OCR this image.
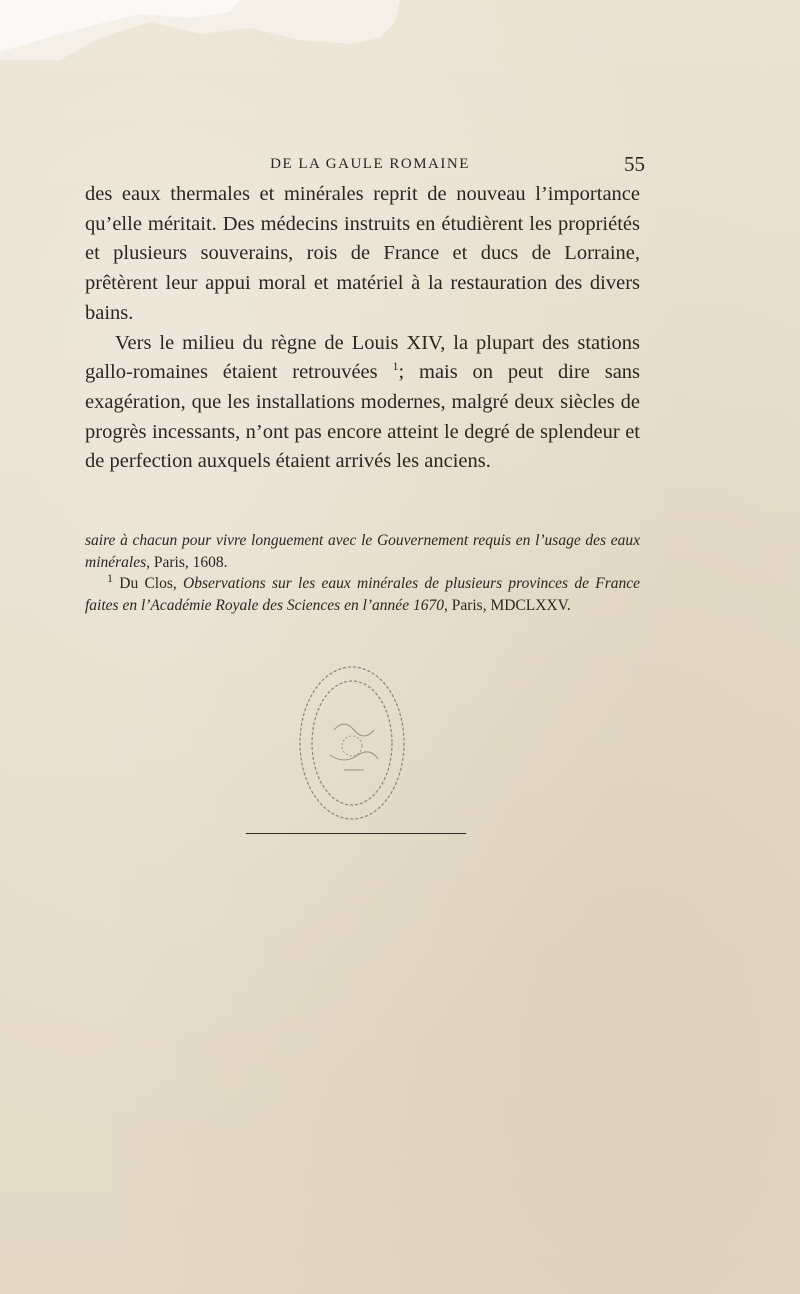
DE LA GAULE ROMAINE	55

des eaux thermales et minérales reprit de nouveau l’importance qu’elle méritait. Des médecins instruits en étudièrent les propriétés et plusieurs souverains, rois de France et ducs de Lorraine, prêtèrent leur appui moral et matériel à la restauration des divers bains.

Vers le milieu du règne de Louis XIV, la plupart des stations gallo-romaines étaient retrouvées $^1$; mais on peut dire sans exagération, que les installations modernes, malgré deux siècles de progrès incessants, n’ont pas encore atteint le degré de splendeur et de perfection auxquels étaient arrivés les anciens.

saire à chacun pour vivre longuement avec le Gouvernement requis en l’usage des eaux minérales, Paris, 1608.

$^1$ Du Clos, Observations sur les eaux minérales de plusieurs provinces de France faites en l’Académie Royale des Sciences en l’année 1670, Paris, MDCLXXV.
